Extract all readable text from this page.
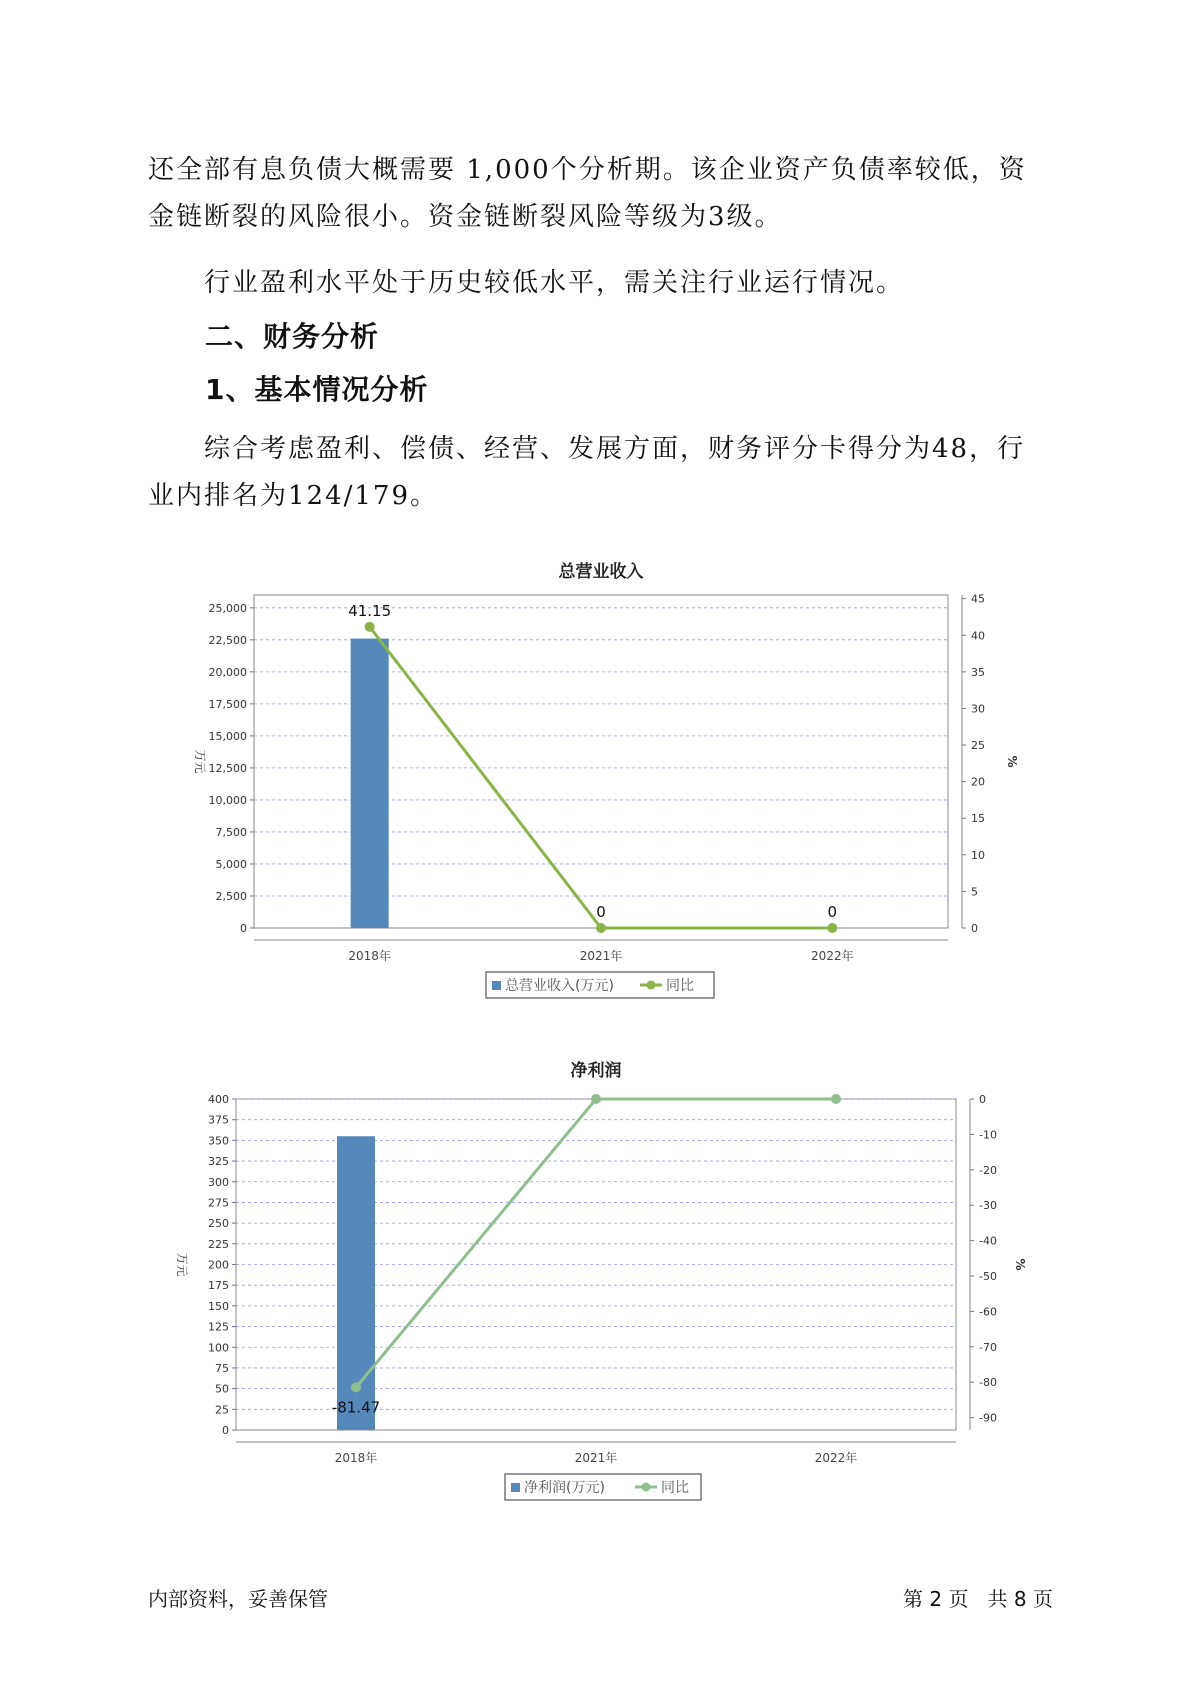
还全部有息负债大概需要 1,000个分析期。该企业资产负债率较低，资金链断裂的风险很小。资金链断裂风险等级为3级。

行业盈利水平处于历史较低水平，需关注行业运行情况。

二、财务分析
1、基本情况分析

综合考虑盈利、偿债、经营、发展方面，财务评分卡得分为48，行业内排名为124/179。

总营业收入
0
2,500
5,000
7,500
10,000
12,500
15,000
17,500
20,000
22,500
25,000
0
5
10
15
20
25
30
35
40
45
万元	%
2018年	2021年	2022年
41.15
0	0
总营业收入(万元)	同比
净利润
0
25
50
75
100
125
150
175
200
225
250
275
300
325
350
375
400	0
-10
-20
-30
-40
-50
-60
-70
-80
-90
万元	%
2018年	2021年	2022年
-81.47
净利润(万元)	同比
内部资料，妥善保管	第 2 页   共 8 页
